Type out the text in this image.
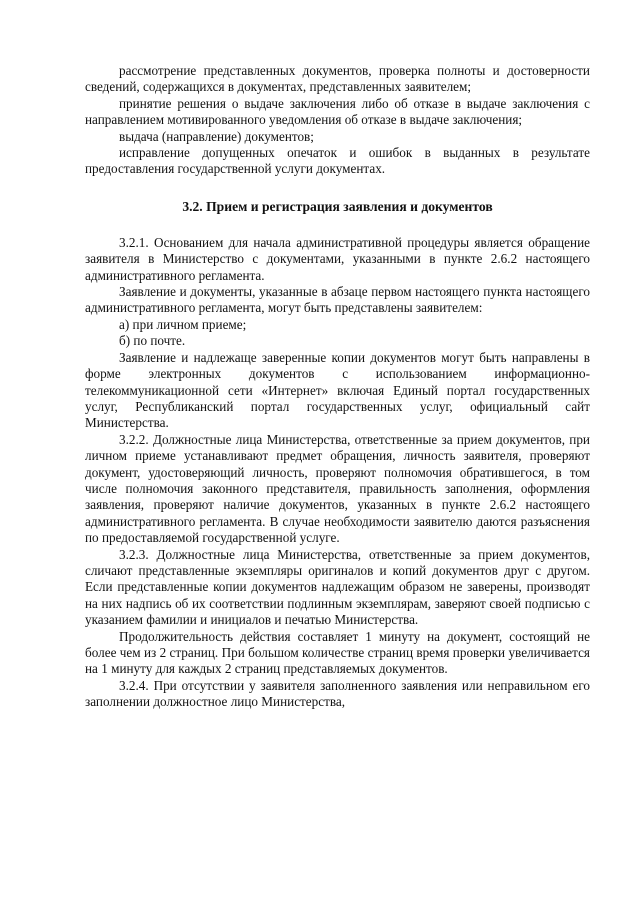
рассмотрение представленных документов, проверка полноты и достоверности сведений, содержащихся в документах, представленных заявителем;

принятие решения о выдаче заключения либо об отказе в выдаче заключения с направлением мотивированного уведомления об отказе в выдаче заключения;

выдача (направление) документов;

исправление допущенных опечаток и ошибок в выданных в результате предоставления государственной услуги документах.

3.2. Прием и регистрация заявления и документов

3.2.1. Основанием для начала административной процедуры является обращение заявителя в Министерство с документами, указанными в пункте 2.6.2 настоящего административного регламента.

Заявление и документы, указанные в абзаце первом настоящего пункта настоящего административного регламента, могут быть представлены заявителем:

а) при личном приеме;

б) по почте.

Заявление и надлежаще заверенные копии документов могут быть направлены в форме электронных документов с использованием информационно-телекоммуникационной сети «Интернет» включая Единый портал государственных услуг, Республиканский портал государственных услуг, официальный сайт Министерства.

3.2.2. Должностные лица Министерства, ответственные за прием документов, при личном приеме устанавливают предмет обращения, личность заявителя, проверяют документ, удостоверяющий личность, проверяют полномочия обратившегося, в том числе полномочия законного представителя, правильность заполнения, оформления заявления, проверяют наличие документов, указанных в пункте 2.6.2 настоящего административного регламента. В случае необходимости заявителю даются разъяснения по предоставляемой государственной услуге.

3.2.3. Должностные лица Министерства, ответственные за прием документов, сличают представленные экземпляры оригиналов и копий документов друг с другом. Если представленные копии документов надлежащим образом не заверены, производят на них надпись об их соответствии подлинным экземплярам, заверяют своей подписью с указанием фамилии и инициалов и печатью Министерства.

Продолжительность действия составляет 1 минуту на документ, состоящий не более чем из 2 страниц. При большом количестве страниц время проверки увеличивается на 1 минуту для каждых 2 страниц представляемых документов.

3.2.4. При отсутствии у заявителя заполненного заявления или неправильном его заполнении должностное лицо Министерства,
